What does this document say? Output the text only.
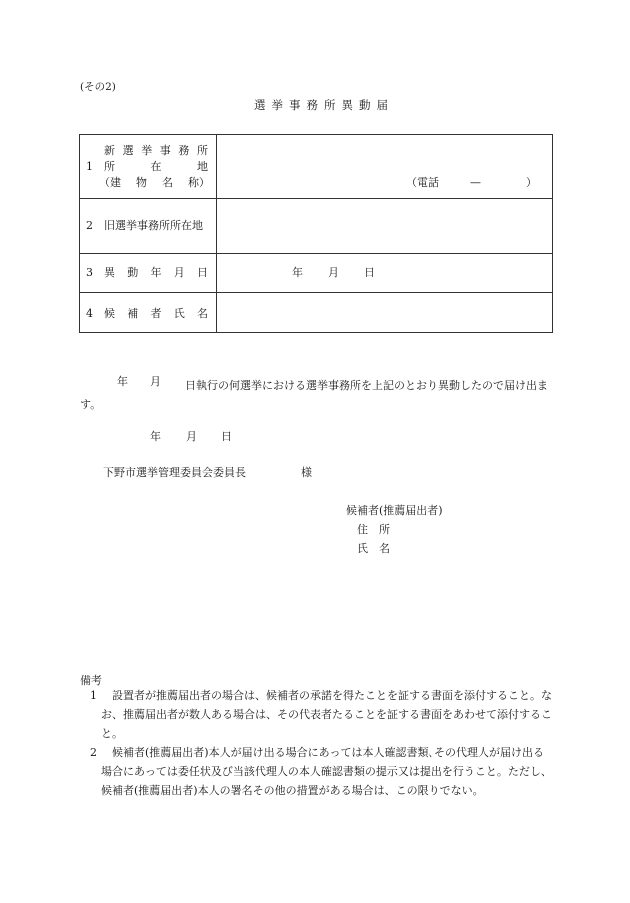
(その2)
選挙事務所異動届
1
新 選 挙 事 務 所
所	在	地
（建 物 名 称）	（電話	—	）
2 旧選挙事務所所在地
3 異 動 年 月 日	年 月 日
4 候 補 者 氏 名
年 月	日執行の何選挙における選挙事務所を上記のとおり異動したので届け出ます。
年 月 日
下野市選挙管理委員会委員長	様
候補者(推薦届出者)
住　所
氏　名
備考
1	設置者が推薦届出者の場合は、候補者の承諾を得たことを証する書面を添付すること。なお、推薦届出者が数人ある場合は、その代表者たることを証する書面をあわせて添付すること。
2	候補者(推薦届出者)本人が届け出る場合にあっては本人確認書類､その代理人が届け出る場合にあっては委任状及び当該代理人の本人確認書類の提示又は提出を行うこと。ただし、候補者(推薦届出者)本人の署名その他の措置がある場合は、この限りでない。
